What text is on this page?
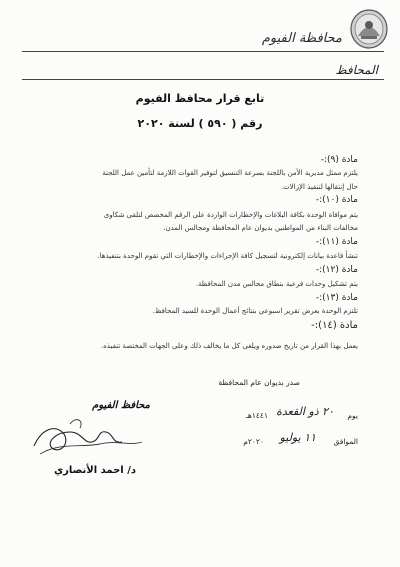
محافظة الفيوم
المحافظ
تابع قرار محافظ الفيوم
رقم ( ٥٩٠ ) لسنة ٢٠٢٠
مادة (٩):-
يلتزم ممثل مديرية الأمن باللجنة بسرعة التنسيق لتوفير القوات اللازمة لتأمين عمل اللجنة
حال إنتقالها لتنفيذ الإزالات.
مادة (١٠):-
يتم موافاة الوحدة بكافة البلاغات والإخطارات الواردة على الرقم المخصص لتلقى شكاوى
مخالفات البناء من المواطنين بديوان عام المحافظة ومجالس المدن.
مادة (١١):-
تنشأ قاعدة بيانات إلكترونية لتسجيل كافة الإجراءات والإخطارات التي تقوم الوحدة بتنفيذها.
مادة (١٢):-
يتم تشكيل وحدات فرعية بنطاق مجالس مدن المحافظة.
مادة (١٣):-
تلتزم الوحدة بعرض تقرير اسبوعي بنتائج أعمال الوحدة للسيد المحافظ.
مادة (١٤):-
يعمل بهذا القرار من تاريخ صدوره ويلغى كل ما يخالف ذلك وعلى الجهات المختصة تنفيذه.
صدر بديوان عام المحافظة
يوم
٢٠ ذو القعدة
١٤٤١هـ
الموافق
١١ يوليو
٢٠٢٠م
محافظ الفيوم
د/ احمد الأنصاري
